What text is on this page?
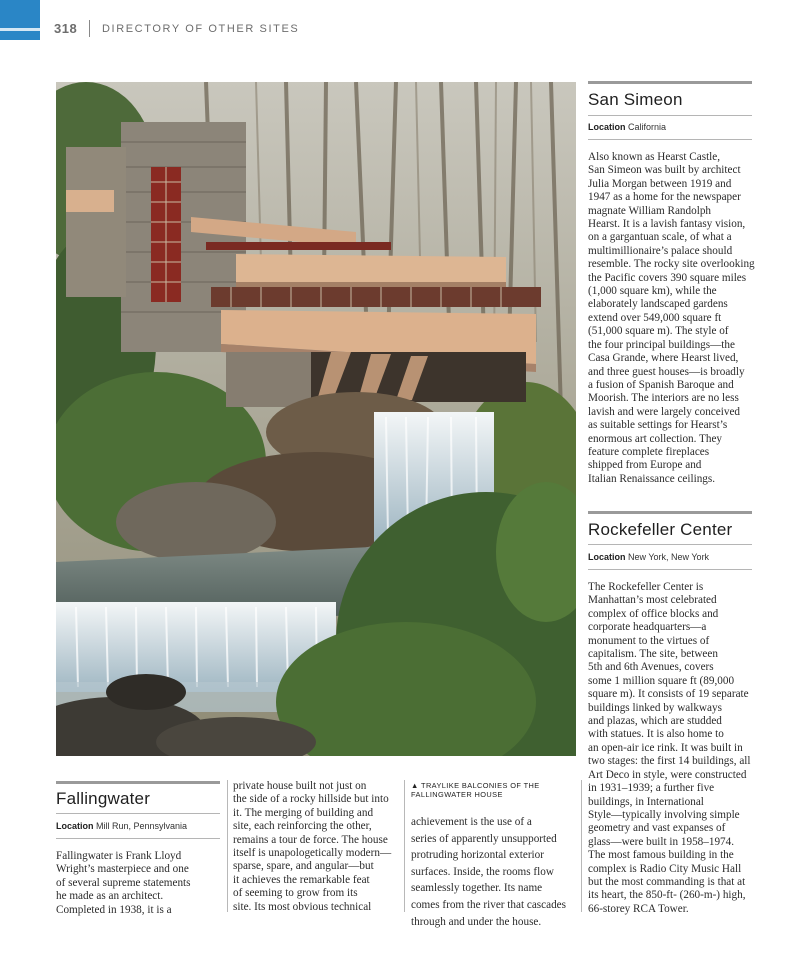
318 DIRECTORY OF OTHER SITES
San Simeon
Location California
Also known as Hearst Castle,
San Simeon was built by architect
Julia Morgan between 1919 and
1947 as a home for the newspaper
magnate William Randolph
Hearst. It is a lavish fantasy vision,
on a gargantuan scale, of what a
multimillionaire’s palace should
resemble. The rocky site overlooking
the Pacific covers 390 square miles
(1,000 square km), while the
elaborately landscaped gardens
extend over 549,000 square ft
(51,000 square m). The style of
the four principal buildings—the
Casa Grande, where Hearst lived,
and three guest houses—is broadly
a fusion of Spanish Baroque and
Moorish. The interiors are no less
lavish and were largely conceived
as suitable settings for Hearst’s
enormous art collection. They
feature complete fireplaces
shipped from Europe and
Italian Renaissance ceilings.
Rockefeller Center
Location New York, New York
The Rockefeller Center is
Manhattan’s most celebrated
complex of office blocks and
corporate headquarters—a
monument to the virtues of
capitalism. The site, between
5th and 6th Avenues, covers
some 1 million square ft (89,000
square m). It consists of 19 separate
buildings linked by walkways
and plazas, which are studded
with statues. It is also home to
an open-air ice rink. It was built in
two stages: the first 14 buildings, all
Art Deco in style, were constructed
in 1931–1939; a further five
buildings, in International
Style—typically involving simple
geometry and vast expanses of
glass—were built in 1958–1974.
The most famous building in the
complex is Radio City Music Hall
but the most commanding is that at
its heart, the 850-ft- (260-m-) high,
66-storey RCA Tower.
Fallingwater
Location Mill Run, Pennsylvania
Fallingwater is Frank Lloyd
Wright’s masterpiece and one
of several supreme statements
he made as an architect.
Completed in 1938, it is a
private house built not just on
the side of a rocky hillside but into
it. The merging of building and
site, each reinforcing the other,
remains a tour de force. The house
itself is unapologetically modern—
sparse, spare, and angular—but
it achieves the remarkable feat
of seeming to grow from its
site. Its most obvious technical
▲ TRAYLIKE BALCONIES OF THE
FALLINGWATER HOUSE
achievement is the use of a
series of apparently unsupported
protruding horizontal exterior
surfaces. Inside, the rooms flow
seamlessly together. Its name
comes from the river that cascades
through and under the house.
